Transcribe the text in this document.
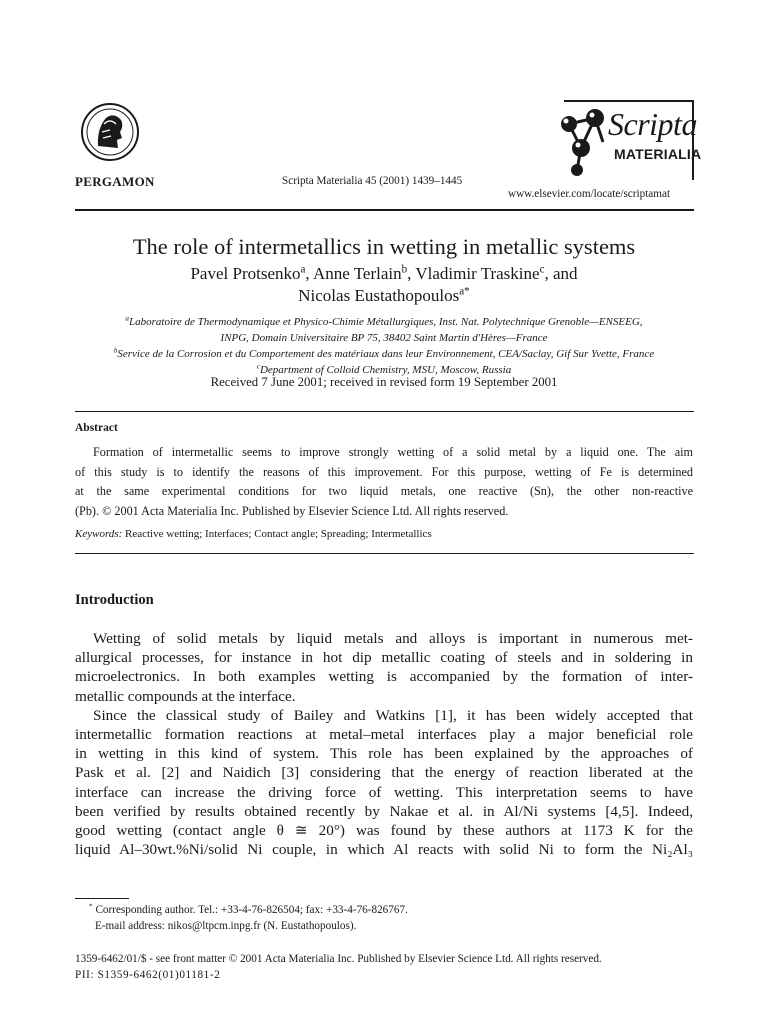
PERGAMON	Scripta Materialia 45 (2001) 1439–1445
Scripta
MATERIALIA
www.elsevier.com/locate/scriptamat
The role of intermetallics in wetting in metallic systems
Pavel Protsenko$^a$, Anne Terlain$^b$, Vladimir Traskine$^c$, and
Nicolas Eustathopoulos$^{a*}$
$^a$Laboratoire de Thermodynamique et Physico-Chimie Métallurgiques, Inst. Nat. Polytechnique Grenoble—ENSEEG,
INPG, Domain Universitaire BP 75, 38402 Saint Martin d'Hères—France
$^b$Service de la Corrosion et du Comportement des matériaux dans leur Environnement, CEA/Saclay, Gif Sur Yvette, France
$^c$Department of Colloid Chemistry, MSU, Moscow, Russia
Received 7 June 2001; received in revised form 19 September 2001
Abstract
Formation of intermetallic seems to improve strongly wetting of a solid metal by a liquid one. The aim
of this study is to identify the reasons of this improvement. For this purpose, wetting of Fe is determined
at the same experimental conditions for two liquid metals, one reactive (Sn), the other non-reactive
(Pb). © 2001 Acta Materialia Inc. Published by Elsevier Science Ltd. All rights reserved.
Keywords: Reactive wetting; Interfaces; Contact angle; Spreading; Intermetallics
Introduction
Wetting of solid metals by liquid metals and alloys is important in numerous met-
allurgical processes, for instance in hot dip metallic coating of steels and in soldering in
microelectronics. In both examples wetting is accompanied by the formation of inter-
metallic compounds at the interface.
Since the classical study of Bailey and Watkins [1], it has been widely accepted that
intermetallic formation reactions at metal–metal interfaces play a major beneficial role
in wetting in this kind of system. This role has been explained by the approaches of
Pask et al. [2] and Naidich [3] considering that the energy of reaction liberated at the
interface can increase the driving force of wetting. This interpretation seems to have
been verified by results obtained recently by Nakae et al. in Al/Ni systems [4,5]. Indeed,
good wetting (contact angle θ ≅ 20°) was found by these authors at 1173 K for the
liquid Al–30wt.%Ni/solid Ni couple, in which Al reacts with solid Ni to form the Ni₂Al₃
* Corresponding author. Tel.: +33-4-76-826504; fax: +33-4-76-826767.
E-mail address: nikos@ltpcm.inpg.fr (N. Eustathopoulos).
1359-6462/01/$ - see front matter © 2001 Acta Materialia Inc. Published by Elsevier Science Ltd. All rights reserved.
PII: S1359-6462(01)01181-2
